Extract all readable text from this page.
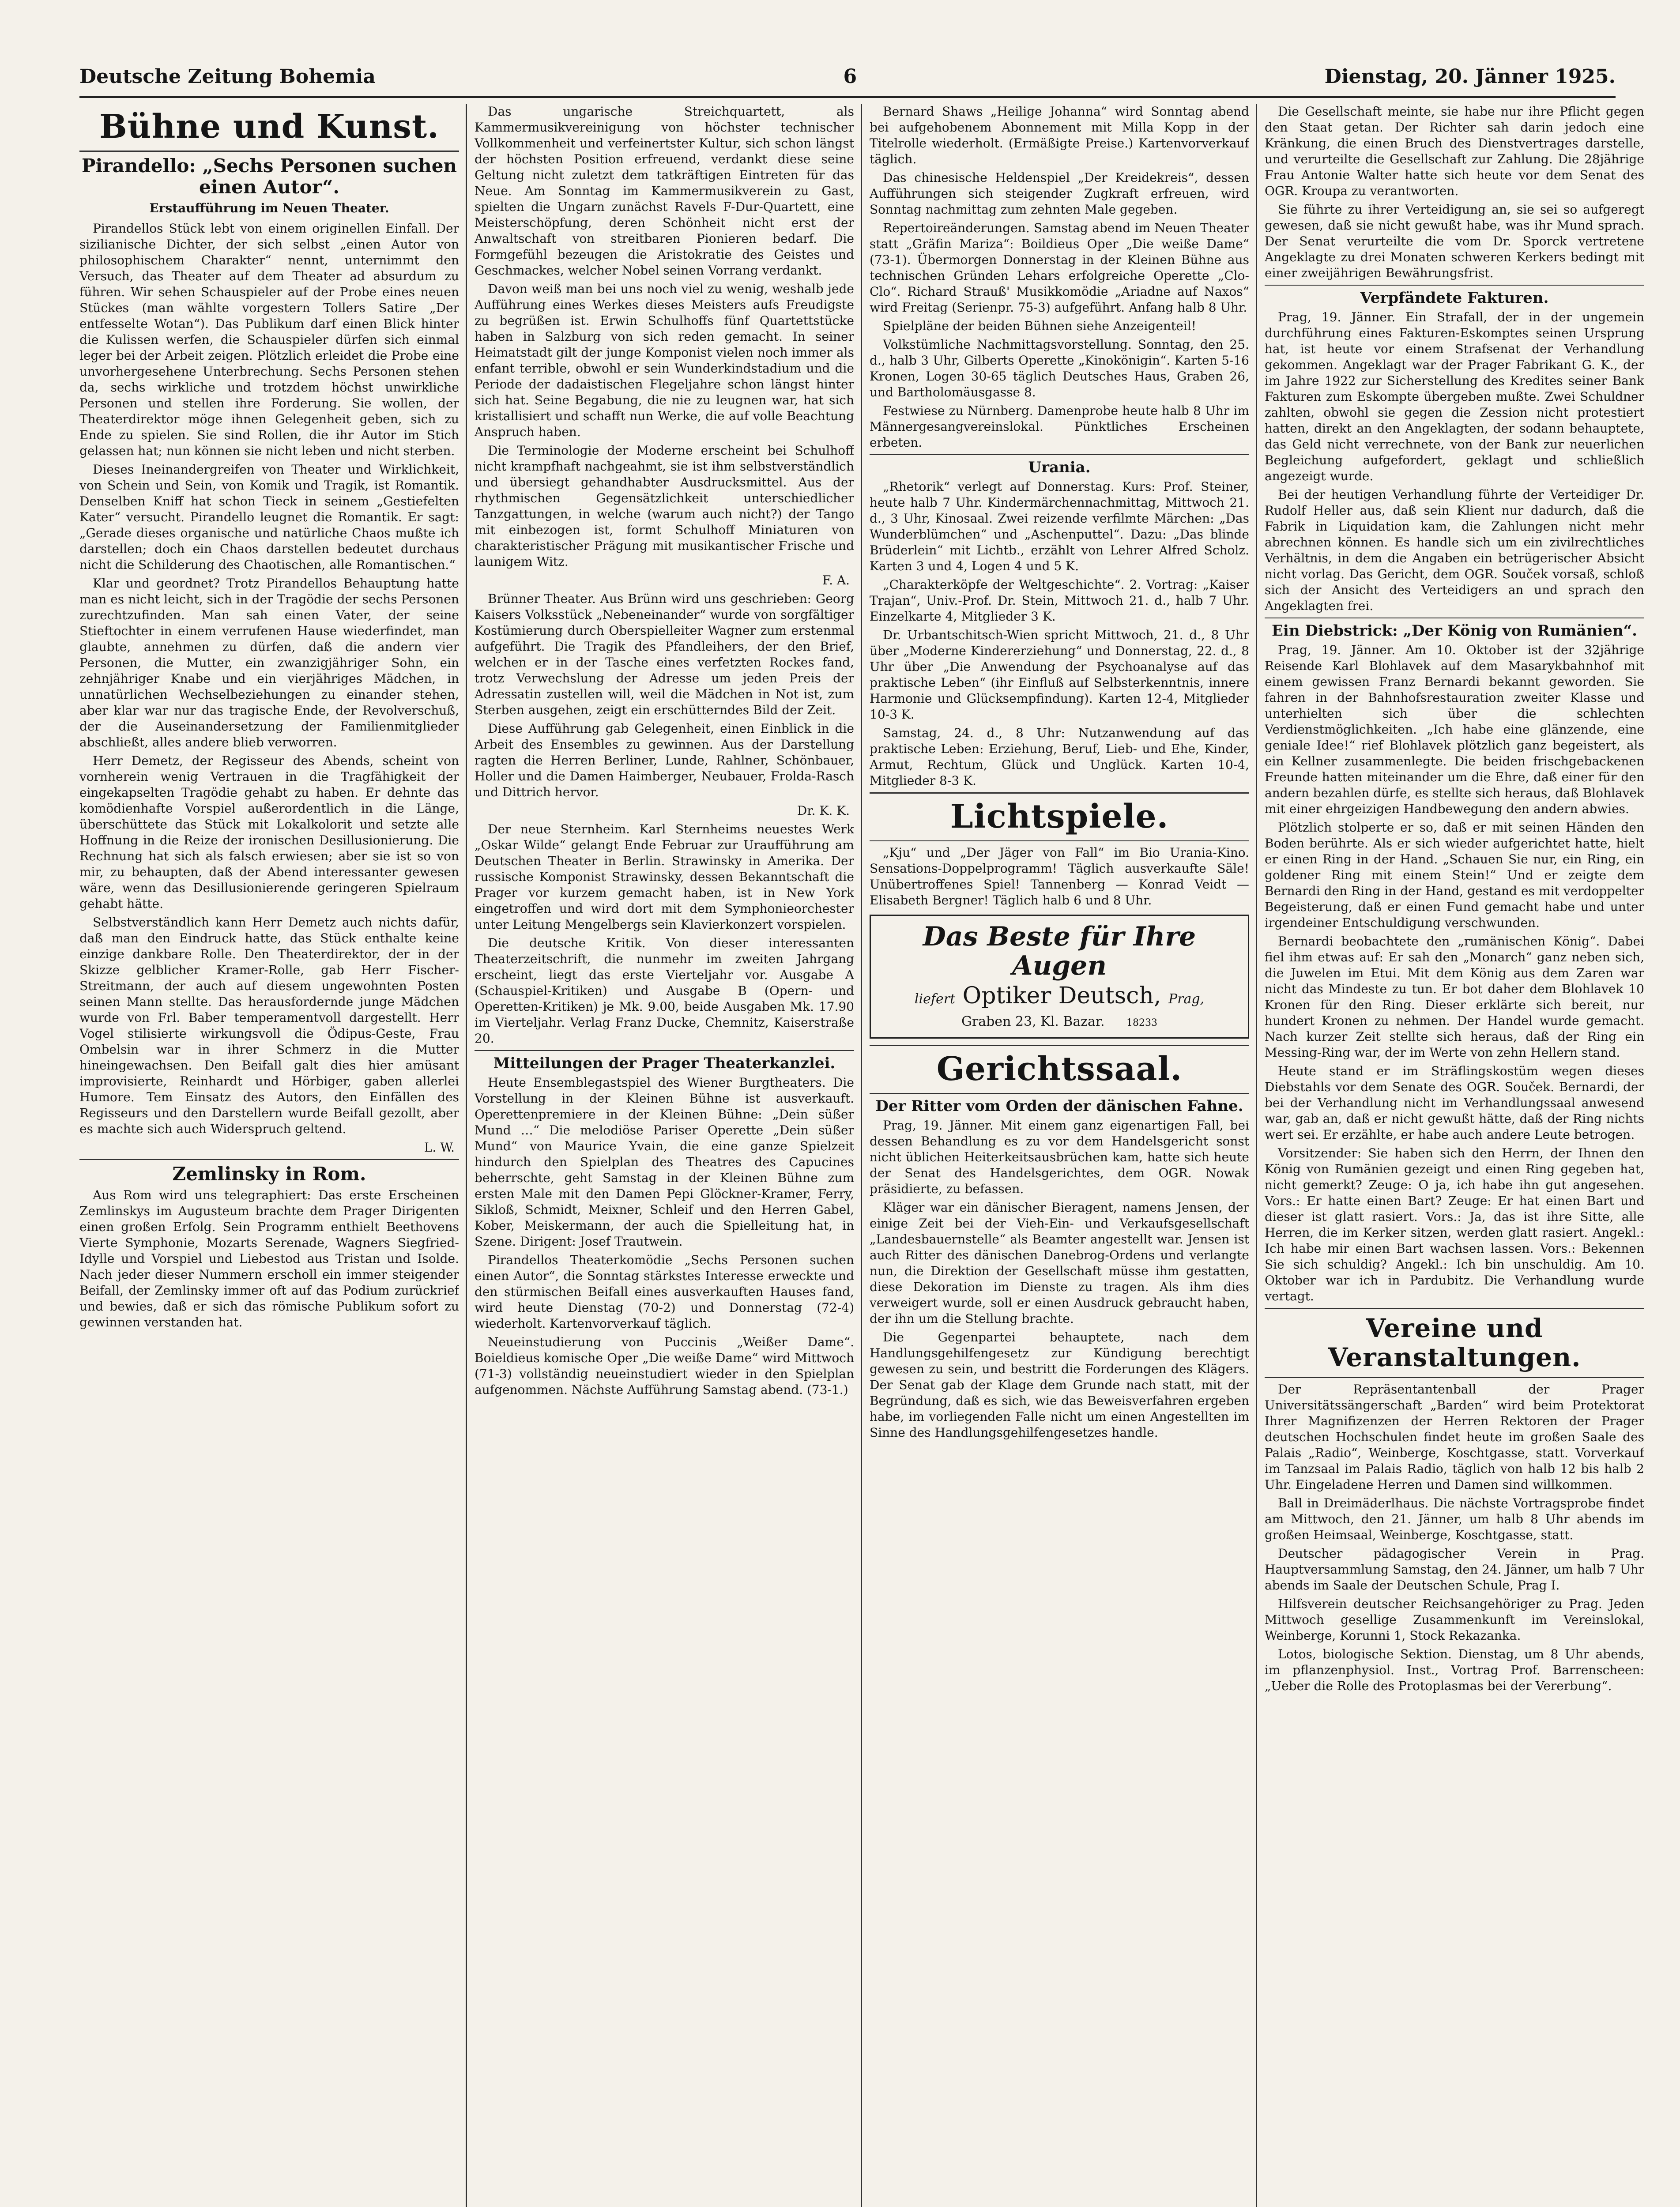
Deutsche Zeitung Bohemia	6	Dienstag, 20. Jänner 1925.
Bühne und Kunst.
Pirandello: „Sechs Personen suchen einen Autor“.
Erstaufführung im Neuen Theater.

Pirandellos Stück lebt von einem originellen Einfall. Der sizilianische Dichter, der sich selbst „einen Autor von philosophischem Charakter“ nennt, unternimmt den Versuch, das Theater auf dem Theater ad absurdum zu führen. Wir sehen Schauspieler auf der Probe eines neuen Stückes (man wählte vorgestern Tollers Satire „Der entfesselte Wotan“). Das Publikum darf einen Blick hinter die Kulissen werfen, die Schauspieler dürfen sich einmal leger bei der Arbeit zeigen. Plötzlich erleidet die Probe eine unvorhergesehene Unterbrechung. Sechs Personen stehen da, sechs wirkliche und trotzdem höchst unwirkliche Personen und stellen ihre Forderung. Sie wollen, der Theaterdirektor möge ihnen Gelegenheit geben, sich zu Ende zu spielen. Sie sind Rollen, die ihr Autor im Stich gelassen hat; nun können sie nicht leben und nicht sterben.

Dieses Ineinandergreifen von Theater und Wirklichkeit, von Schein und Sein, von Komik und Tragik, ist Romantik. Denselben Kniff hat schon Tieck in seinem „Gestiefelten Kater“ versucht. Pirandello leugnet die Romantik. Er sagt: „Gerade dieses organische und natürliche Chaos mußte ich darstellen; doch ein Chaos darstellen bedeutet durchaus nicht die Schilderung des Chaotischen, alle Romantischen.“

Klar und geordnet? Trotz Pirandellos Behauptung hatte man es nicht leicht, sich in der Tragödie der sechs Personen zurechtzufinden. Man sah einen Vater, der seine Stieftochter in einem verrufenen Hause wiederfindet, man glaubte, annehmen zu dürfen, daß die andern vier Personen, die Mutter, ein zwanzigjähriger Sohn, ein zehnjähriger Knabe und ein vierjähriges Mädchen, in unnatürlichen Wechselbeziehungen zu einander stehen, aber klar war nur das tragische Ende, der Revolverschuß, der die Auseinandersetzung der Familienmitglieder abschließt, alles andere blieb verworren.

Herr Demetz, der Regisseur des Abends, scheint von vornherein wenig Vertrauen in die Tragfähigkeit der eingekapselten Tragödie gehabt zu haben. Er dehnte das komödienhafte Vorspiel außerordentlich in die Länge, überschüttete das Stück mit Lokalkolorit und setzte alle Hoffnung in die Reize der ironischen Desillusionierung. Die Rechnung hat sich als falsch erwiesen; aber sie ist so von mir, zu behaupten, daß der Abend interessanter gewesen wäre, wenn das Desillusionierende geringeren Spielraum gehabt hätte.

Selbstverständlich kann Herr Demetz auch nichts dafür, daß man den Eindruck hatte, das Stück enthalte keine einzige dankbare Rolle. Den Theaterdirektor, der in der Skizze gelblicher Kramer-Rolle, gab Herr Fischer-Streitmann, der auch auf diesem ungewohnten Posten seinen Mann stellte. Das herausfordernde junge Mädchen wurde von Frl. Baber temperamentvoll dargestellt. Herr Vogel stilisierte wirkungsvoll die Ödipus-Geste, Frau Ombelsin war in ihrer Schmerz in die Mutter hineingewachsen. Den Beifall galt dies hier amüsant improvisierte, Reinhardt und Hörbiger, gaben allerlei Humore. Tem Einsatz des Autors, den Einfällen des Regisseurs und den Darstellern wurde Beifall gezollt, aber es machte sich auch Widerspruch geltend.

L. W.
Zemlinsky in Rom.

Aus Rom wird uns telegraphiert: Das erste Erscheinen Zemlinskys im Augusteum brachte dem Prager Dirigenten einen großen Erfolg. Sein Programm enthielt Beethovens Vierte Symphonie, Mozarts Serenade, Wagners Siegfried-Idylle und Vorspiel und Liebestod aus Tristan und Isolde. Nach jeder dieser Nummern erscholl ein immer steigender Beifall, der Zemlinsky immer oft auf das Podium zurückrief und bewies, daß er sich das römische Publikum sofort zu gewinnen verstanden hat.

Das ungarische Streichquartett, als Kammermusikvereinigung von höchster technischer Vollkommenheit und verfeinertster Kultur, sich schon längst der höchsten Position erfreuend, verdankt diese seine Geltung nicht zuletzt dem tatkräftigen Eintreten für das Neue. Am Sonntag im Kammermusikverein zu Gast, spielten die Ungarn zunächst Ravels F-Dur-Quartett, eine Meisterschöpfung, deren Schönheit nicht erst der Anwaltschaft von streitbaren Pionieren bedarf. Die Formgefühl bezeugen die Aristokratie des Geistes und Geschmackes, welcher Nobel seinen Vorrang verdankt.

Davon weiß man bei uns noch viel zu wenig, weshalb jede Aufführung eines Werkes dieses Meisters aufs Freudigste zu begrüßen ist. Erwin Schulhoffs fünf Quartettstücke haben in Salzburg von sich reden gemacht. In seiner Heimatstadt gilt der junge Komponist vielen noch immer als enfant terrible, obwohl er sein Wunderkindstadium und die Periode der dadaistischen Flegeljahre schon längst hinter sich hat. Seine Begabung, die nie zu leugnen war, hat sich kristallisiert und schafft nun Werke, die auf volle Beachtung Anspruch haben.

Die Terminologie der Moderne erscheint bei Schulhoff nicht krampfhaft nachgeahmt, sie ist ihm selbstverständlich und übersiegt gehandhabter Ausdrucksmittel. Aus der rhythmischen Gegensätzlichkeit unterschiedlicher Tanzgattungen, in welche (warum auch nicht?) der Tango mit einbezogen ist, formt Schulhoff Miniaturen von charakteristischer Prägung mit musikantischer Frische und launigem Witz.

F. A.

Brünner Theater. Aus Brünn wird uns geschrieben: Georg Kaisers Volksstück „Nebeneinander“ wurde von sorgfältiger Kostümierung durch Oberspielleiter Wagner zum erstenmal aufgeführt. Die Tragik des Pfandleihers, der den Brief, welchen er in der Tasche eines verfetzten Rockes fand, trotz Verwechslung der Adresse um jeden Preis der Adressatin zustellen will, weil die Mädchen in Not ist, zum Sterben ausgehen, zeigt ein erschütterndes Bild der Zeit.

Diese Aufführung gab Gelegenheit, einen Einblick in die Arbeit des Ensembles zu gewinnen. Aus der Darstellung ragten die Herren Berliner, Lunde, Rahlner, Schönbauer, Holler und die Damen Haimberger, Neubauer, Frolda-Rasch und Dittrich hervor.

Dr. K. K.

Der neue Sternheim. Karl Sternheims neuestes Werk „Oskar Wilde“ gelangt Ende Februar zur Uraufführung am Deutschen Theater in Berlin. Strawinsky in Amerika. Der russische Komponist Strawinsky, dessen Bekanntschaft die Prager vor kurzem gemacht haben, ist in New York eingetroffen und wird dort mit dem Symphonieorchester unter Leitung Mengelbergs sein Klavierkonzert vorspielen.

Die deutsche Kritik. Von dieser interessanten Theaterzeitschrift, die nunmehr im zweiten Jahrgang erscheint, liegt das erste Vierteljahr vor. Ausgabe A (Schauspiel-Kritiken) und Ausgabe B (Opern- und Operetten-Kritiken) je Mk. 9.00, beide Ausgaben Mk. 17.90 im Vierteljahr. Verlag Franz Ducke, Chemnitz, Kaiserstraße 20.

Mitteilungen der Prager Theaterkanzlei.

Heute Ensemblegastspiel des Wiener Burgtheaters. Die Vorstellung in der Kleinen Bühne ist ausverkauft. Operettenpremiere in der Kleinen Bühne: „Dein süßer Mund …“ Die melodiöse Pariser Operette „Dein süßer Mund“ von Maurice Yvain, die eine ganze Spielzeit hindurch den Spielplan des Theatres des Capucines beherrschte, geht Samstag in der Kleinen Bühne zum ersten Male mit den Damen Pepi Glöckner-Kramer, Ferry, Sikloß, Schmidt, Meixner, Schleif und den Herren Gabel, Kober, Meiskermann, der auch die Spielleitung hat, in Szene. Dirigent: Josef Trautwein.

Pirandellos Theaterkomödie „Sechs Personen suchen einen Autor“, die Sonntag stärkstes Interesse erweckte und den stürmischen Beifall eines ausverkauften Hauses fand, wird heute Dienstag (70-2) und Donnerstag (72-4) wiederholt. Kartenvorverkauf täglich.

Neueinstudierung von Puccinis „Weißer Dame“. Boieldieus komische Oper „Die weiße Dame“ wird Mittwoch (71-3) vollständig neueinstudiert wieder in den Spielplan aufgenommen. Nächste Aufführung Samstag abend. (73-1.)

Bernard Shaws „Heilige Johanna“ wird Sonntag abend bei aufgehobenem Abonnement mit Milla Kopp in der Titelrolle wiederholt. (Ermäßigte Preise.) Kartenvorverkauf täglich.

Das chinesische Heldenspiel „Der Kreidekreis“, dessen Aufführungen sich steigender Zugkraft erfreuen, wird Sonntag nachmittag zum zehnten Male gegeben.

Repertoireänderungen. Samstag abend im Neuen Theater statt „Gräfin Mariza“: Boildieus Oper „Die weiße Dame“ (73-1). Übermorgen Donnerstag in der Kleinen Bühne aus technischen Gründen Lehars erfolgreiche Operette „Clo-Clo“. Richard Strauß' Musikkomödie „Ariadne auf Naxos“ wird Freitag (Serienpr. 75-3) aufgeführt. Anfang halb 8 Uhr.

Spielpläne der beiden Bühnen siehe Anzeigenteil!

Volkstümliche Nachmittagsvorstellung. Sonntag, den 25. d., halb 3 Uhr, Gilberts Operette „Kinokönigin“. Karten 5-16 Kronen, Logen 30-65 täglich Deutsches Haus, Graben 26, und Bartholomäusgasse 8.

Festwiese zu Nürnberg. Damenprobe heute halb 8 Uhr im Männergesangvereinslokal. Pünktliches Erscheinen erbeten.

Urania.

„Rhetorik“ verlegt auf Donnerstag. Kurs: Prof. Steiner, heute halb 7 Uhr. Kindermärchennachmittag, Mittwoch 21. d., 3 Uhr, Kinosaal. Zwei reizende verfilmte Märchen: „Das Wunderblümchen“ und „Aschenputtel“. Dazu: „Das blinde Brüderlein“ mit Lichtb., erzählt von Lehrer Alfred Scholz. Karten 3 und 4, Logen 4 und 5 K.

„Charakterköpfe der Weltgeschichte“. 2. Vortrag: „Kaiser Trajan“, Univ.-Prof. Dr. Stein, Mittwoch 21. d., halb 7 Uhr. Einzelkarte 4, Mitglieder 3 K.

Dr. Urbantschitsch-Wien spricht Mittwoch, 21. d., 8 Uhr über „Moderne Kindererziehung“ und Donnerstag, 22. d., 8 Uhr über „Die Anwendung der Psychoanalyse auf das praktische Leben“ (ihr Einfluß auf Selbsterkenntnis, innere Harmonie und Glücksempfindung). Karten 12-4, Mitglieder 10-3 K.

Samstag, 24. d., 8 Uhr: Nutzanwendung auf das praktische Leben: Erziehung, Beruf, Lieb- und Ehe, Kinder, Armut, Rechtum, Glück und Unglück. Karten 10-4, Mitglieder 8-3 K.

Lichtspiele.

„Kju“ und „Der Jäger von Fall“ im Bio Urania-Kino. Sensations-Doppelprogramm! Täglich ausverkaufte Säle! Unübertroffenes Spiel! Tannenberg — Konrad Veidt — Elisabeth Bergner! Täglich halb 6 und 8 Uhr.

Das Beste für Ihre Augen
liefert Optiker Deutsch, Prag,
Graben 23, Kl. Bazar. 18233
Gerichtssaal.
Der Ritter vom Orden der dänischen Fahne.

Prag, 19. Jänner. Mit einem ganz eigenartigen Fall, bei dessen Behandlung es zu vor dem Handelsgericht sonst nicht üblichen Heiterkeitsausbrüchen kam, hatte sich heute der Senat des Handelsgerichtes, dem OGR. Nowak präsidierte, zu befassen.

Kläger war ein dänischer Bieragent, namens Jensen, der einige Zeit bei der Vieh-Ein- und Verkaufsgesellschaft „Landesbauernstelle“ als Beamter angestellt war. Jensen ist auch Ritter des dänischen Danebrog-Ordens und verlangte nun, die Direktion der Gesellschaft müsse ihm gestatten, diese Dekoration im Dienste zu tragen. Als ihm dies verweigert wurde, soll er einen Ausdruck gebraucht haben, der ihn um die Stellung brachte.

Die Gegenpartei behauptete, nach dem Handlungsgehilfengesetz zur Kündigung berechtigt gewesen zu sein, und bestritt die Forderungen des Klägers. Der Senat gab der Klage dem Grunde nach statt, mit der Begründung, daß es sich, wie das Beweisverfahren ergeben habe, im vorliegenden Falle nicht um einen Angestellten im Sinne des Handlungsgehilfengesetzes handle.

Die Gesellschaft meinte, sie habe nur ihre Pflicht gegen den Staat getan. Der Richter sah darin jedoch eine Kränkung, die einen Bruch des Dienstvertrages darstelle, und verurteilte die Gesellschaft zur Zahlung. Die 28jährige Frau Antonie Walter hatte sich heute vor dem Senat des OGR. Kroupa zu verantworten.

Sie führte zu ihrer Verteidigung an, sie sei so aufgeregt gewesen, daß sie nicht gewußt habe, was ihr Mund sprach. Der Senat verurteilte die vom Dr. Sporck vertretene Angeklagte zu drei Monaten schweren Kerkers bedingt mit einer zweijährigen Bewährungsfrist.

Verpfändete Fakturen.

Prag, 19. Jänner. Ein Strafall, der in der ungemein durchführung eines Fakturen-Eskomptes seinen Ursprung hat, ist heute vor einem Strafsenat der Verhandlung gekommen. Angeklagt war der Prager Fabrikant G. K., der im Jahre 1922 zur Sicherstellung des Kredites seiner Bank Fakturen zum Eskompte übergeben mußte. Zwei Schuldner zahlten, obwohl sie gegen die Zession nicht protestiert hatten, direkt an den Angeklagten, der sodann behauptete, das Geld nicht verrechnete, von der Bank zur neuerlichen Begleichung aufgefordert, geklagt und schließlich angezeigt wurde.

Bei der heutigen Verhandlung führte der Verteidiger Dr. Rudolf Heller aus, daß sein Klient nur dadurch, daß die Fabrik in Liquidation kam, die Zahlungen nicht mehr abrechnen können. Es handle sich um ein zivilrechtliches Verhältnis, in dem die Angaben ein betrügerischer Absicht nicht vorlag. Das Gericht, dem OGR. Souček vorsaß, schloß sich der Ansicht des Verteidigers an und sprach den Angeklagten frei.

Ein Diebstrick: „Der König von Rumänien“.

Prag, 19. Jänner. Am 10. Oktober ist der 32jährige Reisende Karl Blohlavek auf dem Masarykbahnhof mit einem gewissen Franz Bernardi bekannt geworden. Sie fahren in der Bahnhofsrestauration zweiter Klasse und unterhielten sich über die schlechten Verdienstmöglichkeiten. „Ich habe eine glänzende, eine geniale Idee!“ rief Blohlavek plötzlich ganz begeistert, als ein Kellner zusammenlegte. Die beiden frischgebackenen Freunde hatten miteinander um die Ehre, daß einer für den andern bezahlen dürfe, es stellte sich heraus, daß Blohlavek mit einer ehrgeizigen Handbewegung den andern abwies.

Plötzlich stolperte er so, daß er mit seinen Händen den Boden berührte. Als er sich wieder aufgerichtet hatte, hielt er einen Ring in der Hand. „Schauen Sie nur, ein Ring, ein goldener Ring mit einem Stein!“ Und er zeigte dem Bernardi den Ring in der Hand, gestand es mit verdoppelter Begeisterung, daß er einen Fund gemacht habe und unter irgendeiner Entschuldigung verschwunden.

Bernardi beobachtete den „rumänischen König“. Dabei fiel ihm etwas auf: Er sah den „Monarch“ ganz neben sich, die Juwelen im Etui. Mit dem König aus dem Zaren war nicht das Mindeste zu tun. Er bot daher dem Blohlavek 10 Kronen für den Ring. Dieser erklärte sich bereit, nur hundert Kronen zu nehmen. Der Handel wurde gemacht. Nach kurzer Zeit stellte sich heraus, daß der Ring ein Messing-Ring war, der im Werte von zehn Hellern stand.

Heute stand er im Sträflingskostüm wegen dieses Diebstahls vor dem Senate des OGR. Souček. Bernardi, der bei der Verhandlung nicht im Verhandlungssaal anwesend war, gab an, daß er nicht gewußt hätte, daß der Ring nichts wert sei. Er erzählte, er habe auch andere Leute betrogen.

Vorsitzender: Sie haben sich den Herrn, der Ihnen den König von Rumänien gezeigt und einen Ring gegeben hat, nicht gemerkt? Zeuge: O ja, ich habe ihn gut angesehen. Vors.: Er hatte einen Bart? Zeuge: Er hat einen Bart und dieser ist glatt rasiert. Vors.: Ja, das ist ihre Sitte, alle Herren, die im Kerker sitzen, werden glatt rasiert. Angekl.: Ich habe mir einen Bart wachsen lassen. Vors.: Bekennen Sie sich schuldig? Angekl.: Ich bin unschuldig. Am 10. Oktober war ich in Pardubitz. Die Verhandlung wurde vertagt.

Vereine und Veranstaltungen.

Der Repräsentantenball der Prager Universitätssängerschaft „Barden“ wird beim Protektorat Ihrer Magnifizenzen der Herren Rektoren der Prager deutschen Hochschulen findet heute im großen Saale des Palais „Radio“, Weinberge, Koschtgasse, statt. Vorverkauf im Tanzsaal im Palais Radio, täglich von halb 12 bis halb 2 Uhr. Eingeladene Herren und Damen sind willkommen.

Ball in Dreimäderlhaus. Die nächste Vortragsprobe findet am Mittwoch, den 21. Jänner, um halb 8 Uhr abends im großen Heimsaal, Weinberge, Koschtgasse, statt.

Deutscher pädagogischer Verein in Prag. Hauptversammlung Samstag, den 24. Jänner, um halb 7 Uhr abends im Saale der Deutschen Schule, Prag I.

Hilfsverein deutscher Reichsangehöriger zu Prag. Jeden Mittwoch gesellige Zusammenkunft im Vereinslokal, Weinberge, Korunni 1, Stock Rekazanka.

Lotos, biologische Sektion. Dienstag, um 8 Uhr abends, im pflanzenphysiol. Inst., Vortrag Prof. Barrenscheen: „Ueber die Rolle des Protoplasmas bei der Vererbung“.
